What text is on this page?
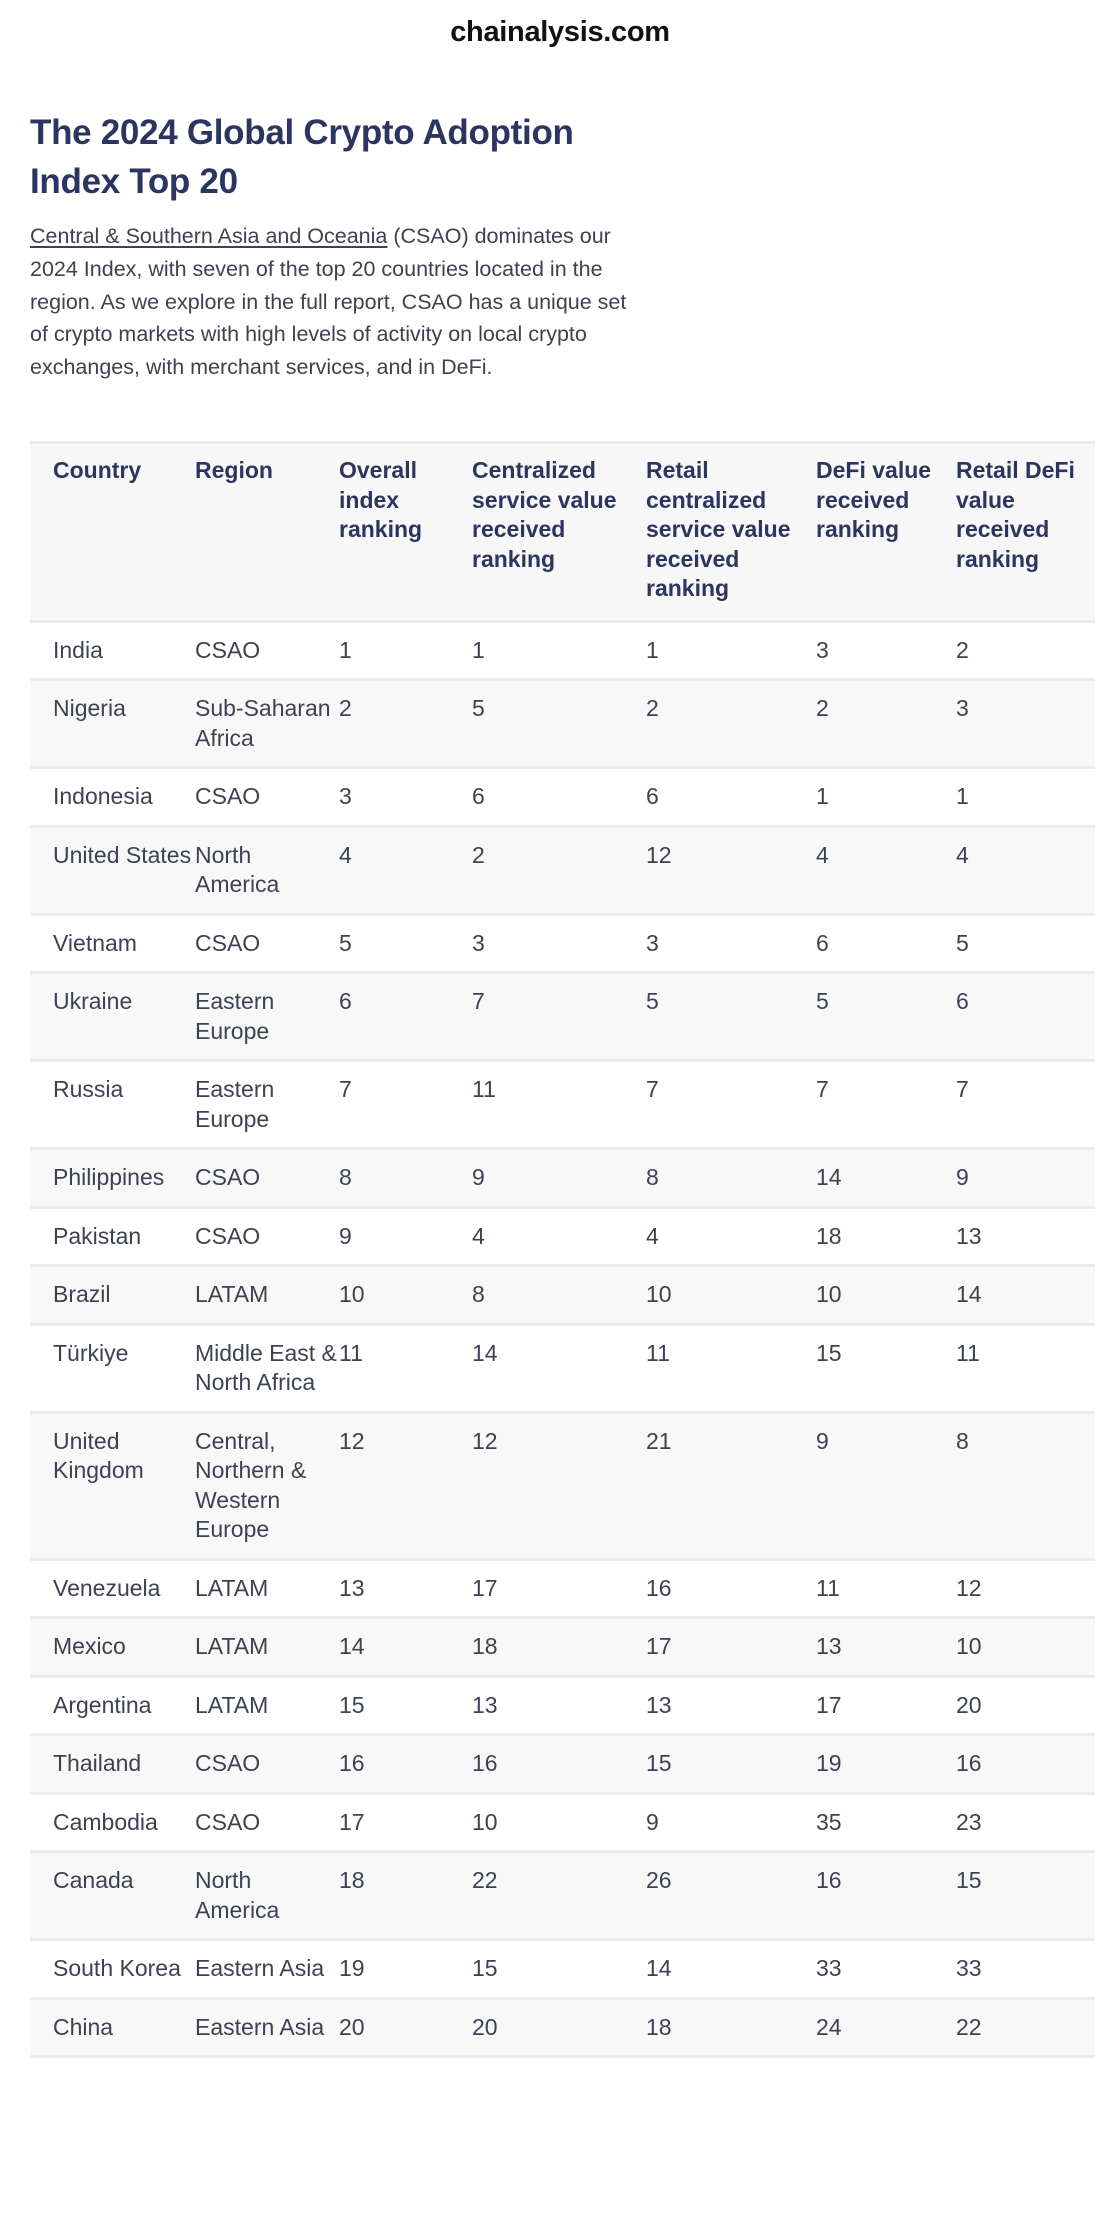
chainalysis.com
The 2024 Global Crypto Adoption Index Top 20

Central & Southern Asia and Oceania (CSAO) dominates our 2024 Index, with seven of the top 20 countries located in the region. As we explore in the full report, CSAO has a unique set of crypto markets with high levels of activity on local crypto exchanges, with merchant services, and in DeFi.

Country	Region	Overall index ranking	Centralized service value received ranking	Retail centralized service value received ranking	DeFi value received ranking	Retail DeFi value received ranking
India	CSAO	1	1	1	3	2
Nigeria	Sub-Saharan Africa	2	5	2	2	3
Indonesia	CSAO	3	6	6	1	1
United States	North America	4	2	12	4	4
Vietnam	CSAO	5	3	3	6	5
Ukraine	Eastern Europe	6	7	5	5	6
Russia	Eastern Europe	7	11	7	7	7
Philippines	CSAO	8	9	8	14	9
Pakistan	CSAO	9	4	4	18	13
Brazil	LATAM	10	8	10	10	14
Türkiye	Middle East & North Africa	11	14	11	15	11
United Kingdom	Central, Northern & Western Europe	12	12	21	9	8
Venezuela	LATAM	13	17	16	11	12
Mexico	LATAM	14	18	17	13	10
Argentina	LATAM	15	13	13	17	20
Thailand	CSAO	16	16	15	19	16
Cambodia	CSAO	17	10	9	35	23
Canada	North America	18	22	26	16	15
South Korea	Eastern Asia	19	15	14	33	33
China	Eastern Asia	20	20	18	24	22
